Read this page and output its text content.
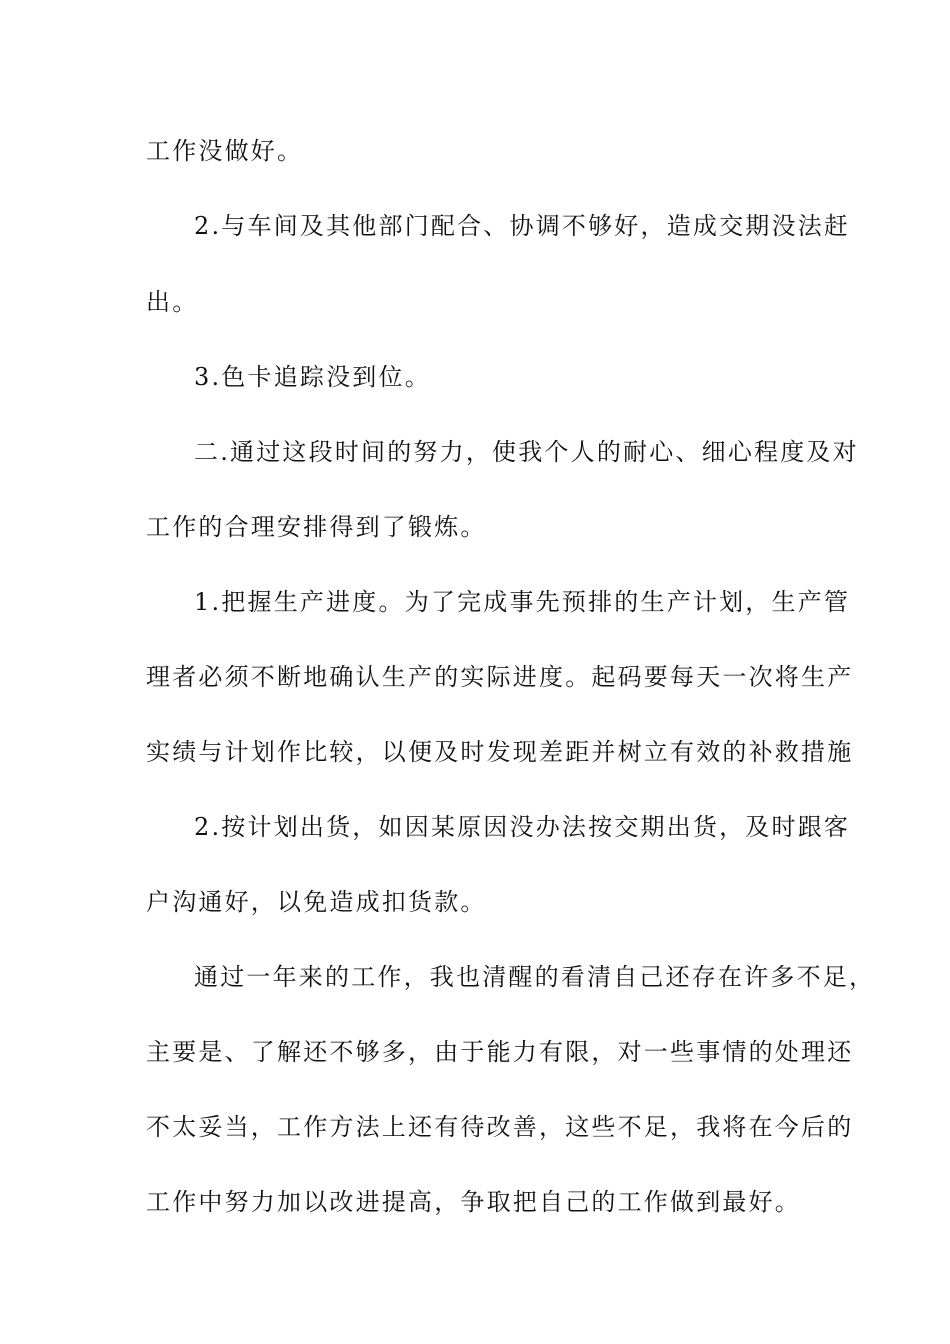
工作没做好。
2.与车间及其他部门配合、协调不够好，造成交期没法赶
出。
3.色卡追踪没到位。
二.通过这段时间的努力，使我个人的耐心、细心程度及对
工作的合理安排得到了锻炼。
1.把握生产进度。为了完成事先预排的生产计划，生产管
理者必须不断地确认生产的实际进度。起码要每天一次将生产
实绩与计划作比较，以便及时发现差距并树立有效的补救措施
2.按计划出货，如因某原因没办法按交期出货，及时跟客
户沟通好，以免造成扣货款。
通过一年来的工作，我也清醒的看清自己还存在许多不足，
主要是、了解还不够多，由于能力有限，对一些事情的处理还
不太妥当，工作方法上还有待改善，这些不足，我将在今后的
工作中努力加以改进提高，争取把自己的工作做到最好。
